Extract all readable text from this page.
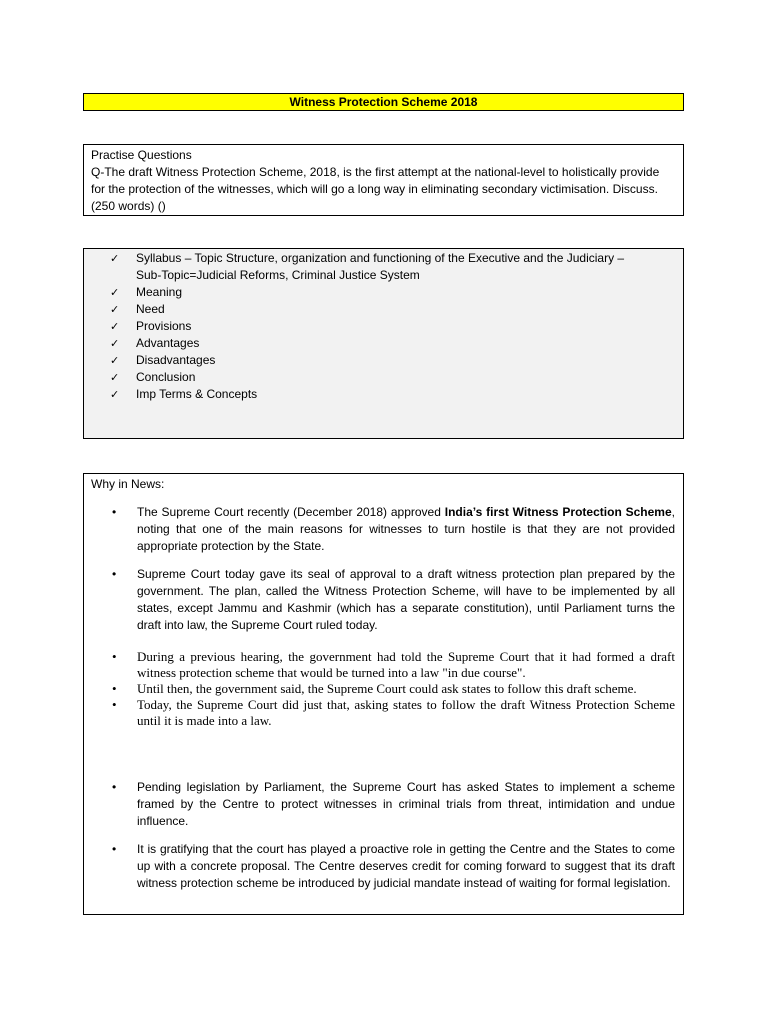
Witness Protection Scheme 2018

Practise Questions

Q-The draft Witness Protection Scheme, 2018, is the first attempt at the national-level to holistically provide for the protection of the witnesses, which will go a long way in eliminating secondary victimisation. Discuss. (250 words) ()

✓ Syllabus – Topic Structure, organization and functioning of the Executive and the Judiciary –
Sub-Topic=Judicial Reforms, Criminal Justice System
✓ Meaning
✓ Need
✓ Provisions
✓ Advantages
✓ Disadvantages
✓ Conclusion
✓ Imp Terms & Concepts
Why in News:
• The Supreme Court recently (December 2018) approved India’s first Witness Protection Scheme, noting that one of the main reasons for witnesses to turn hostile is that they are not provided appropriate protection by the State.
• Supreme Court today gave its seal of approval to a draft witness protection plan prepared by the government. The plan, called the Witness Protection Scheme, will have to be implemented by all states, except Jammu and Kashmir (which has a separate constitution), until Parliament turns the draft into law, the Supreme Court ruled today.
• During a previous hearing, the government had told the Supreme Court that it had formed a draft witness protection scheme that would be turned into a law "in due course".
• Until then, the government said, the Supreme Court could ask states to follow this draft scheme.
• Today, the Supreme Court did just that, asking states to follow the draft Witness Protection Scheme until it is made into a law.
• Pending legislation by Parliament, the Supreme Court has asked States to implement a scheme framed by the Centre to protect witnesses in criminal trials from threat, intimidation and undue influence.
• It is gratifying that the court has played a proactive role in getting the Centre and the States to come up with a concrete proposal. The Centre deserves credit for coming forward to suggest that its draft witness protection scheme be introduced by judicial mandate instead of waiting for formal legislation.
